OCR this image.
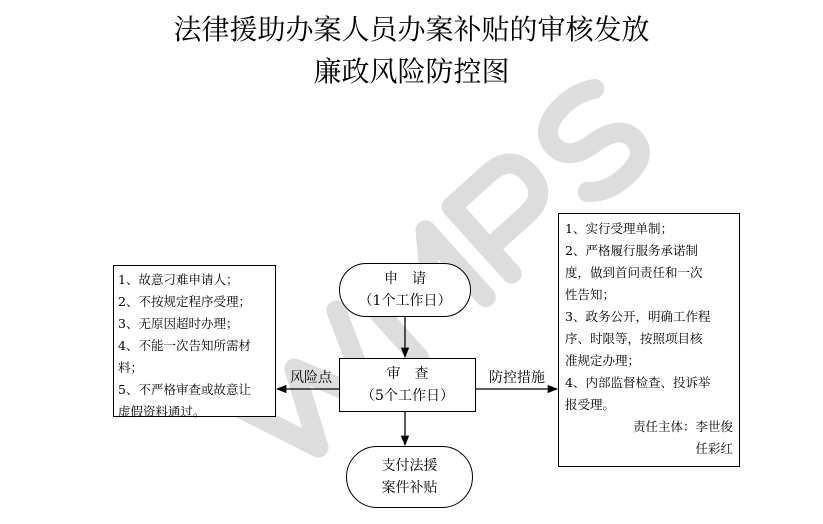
法律援助办案人员办案补贴的审核发放
廉政风险防控图
1、故意刁难申请人；
2、不按规定程序受理；
3、无原因超时办理；
4、不能一次告知所需材
料；
5、不严格审查或故意让
虚假资料通过。
1、实行受理单制；
2、严格履行服务承诺制
度，做到首问责任和一次
性告知；
3、政务公开，明确工作程
序、时限等，按照项目核
准规定办理；
4、内部监督检查、投诉举
报受理。
责任主体：李世俊
任彩红
申　请
（1个工作日）
审　查
（5个工作日）
支付法援
案件补贴
风险点	防控措施
